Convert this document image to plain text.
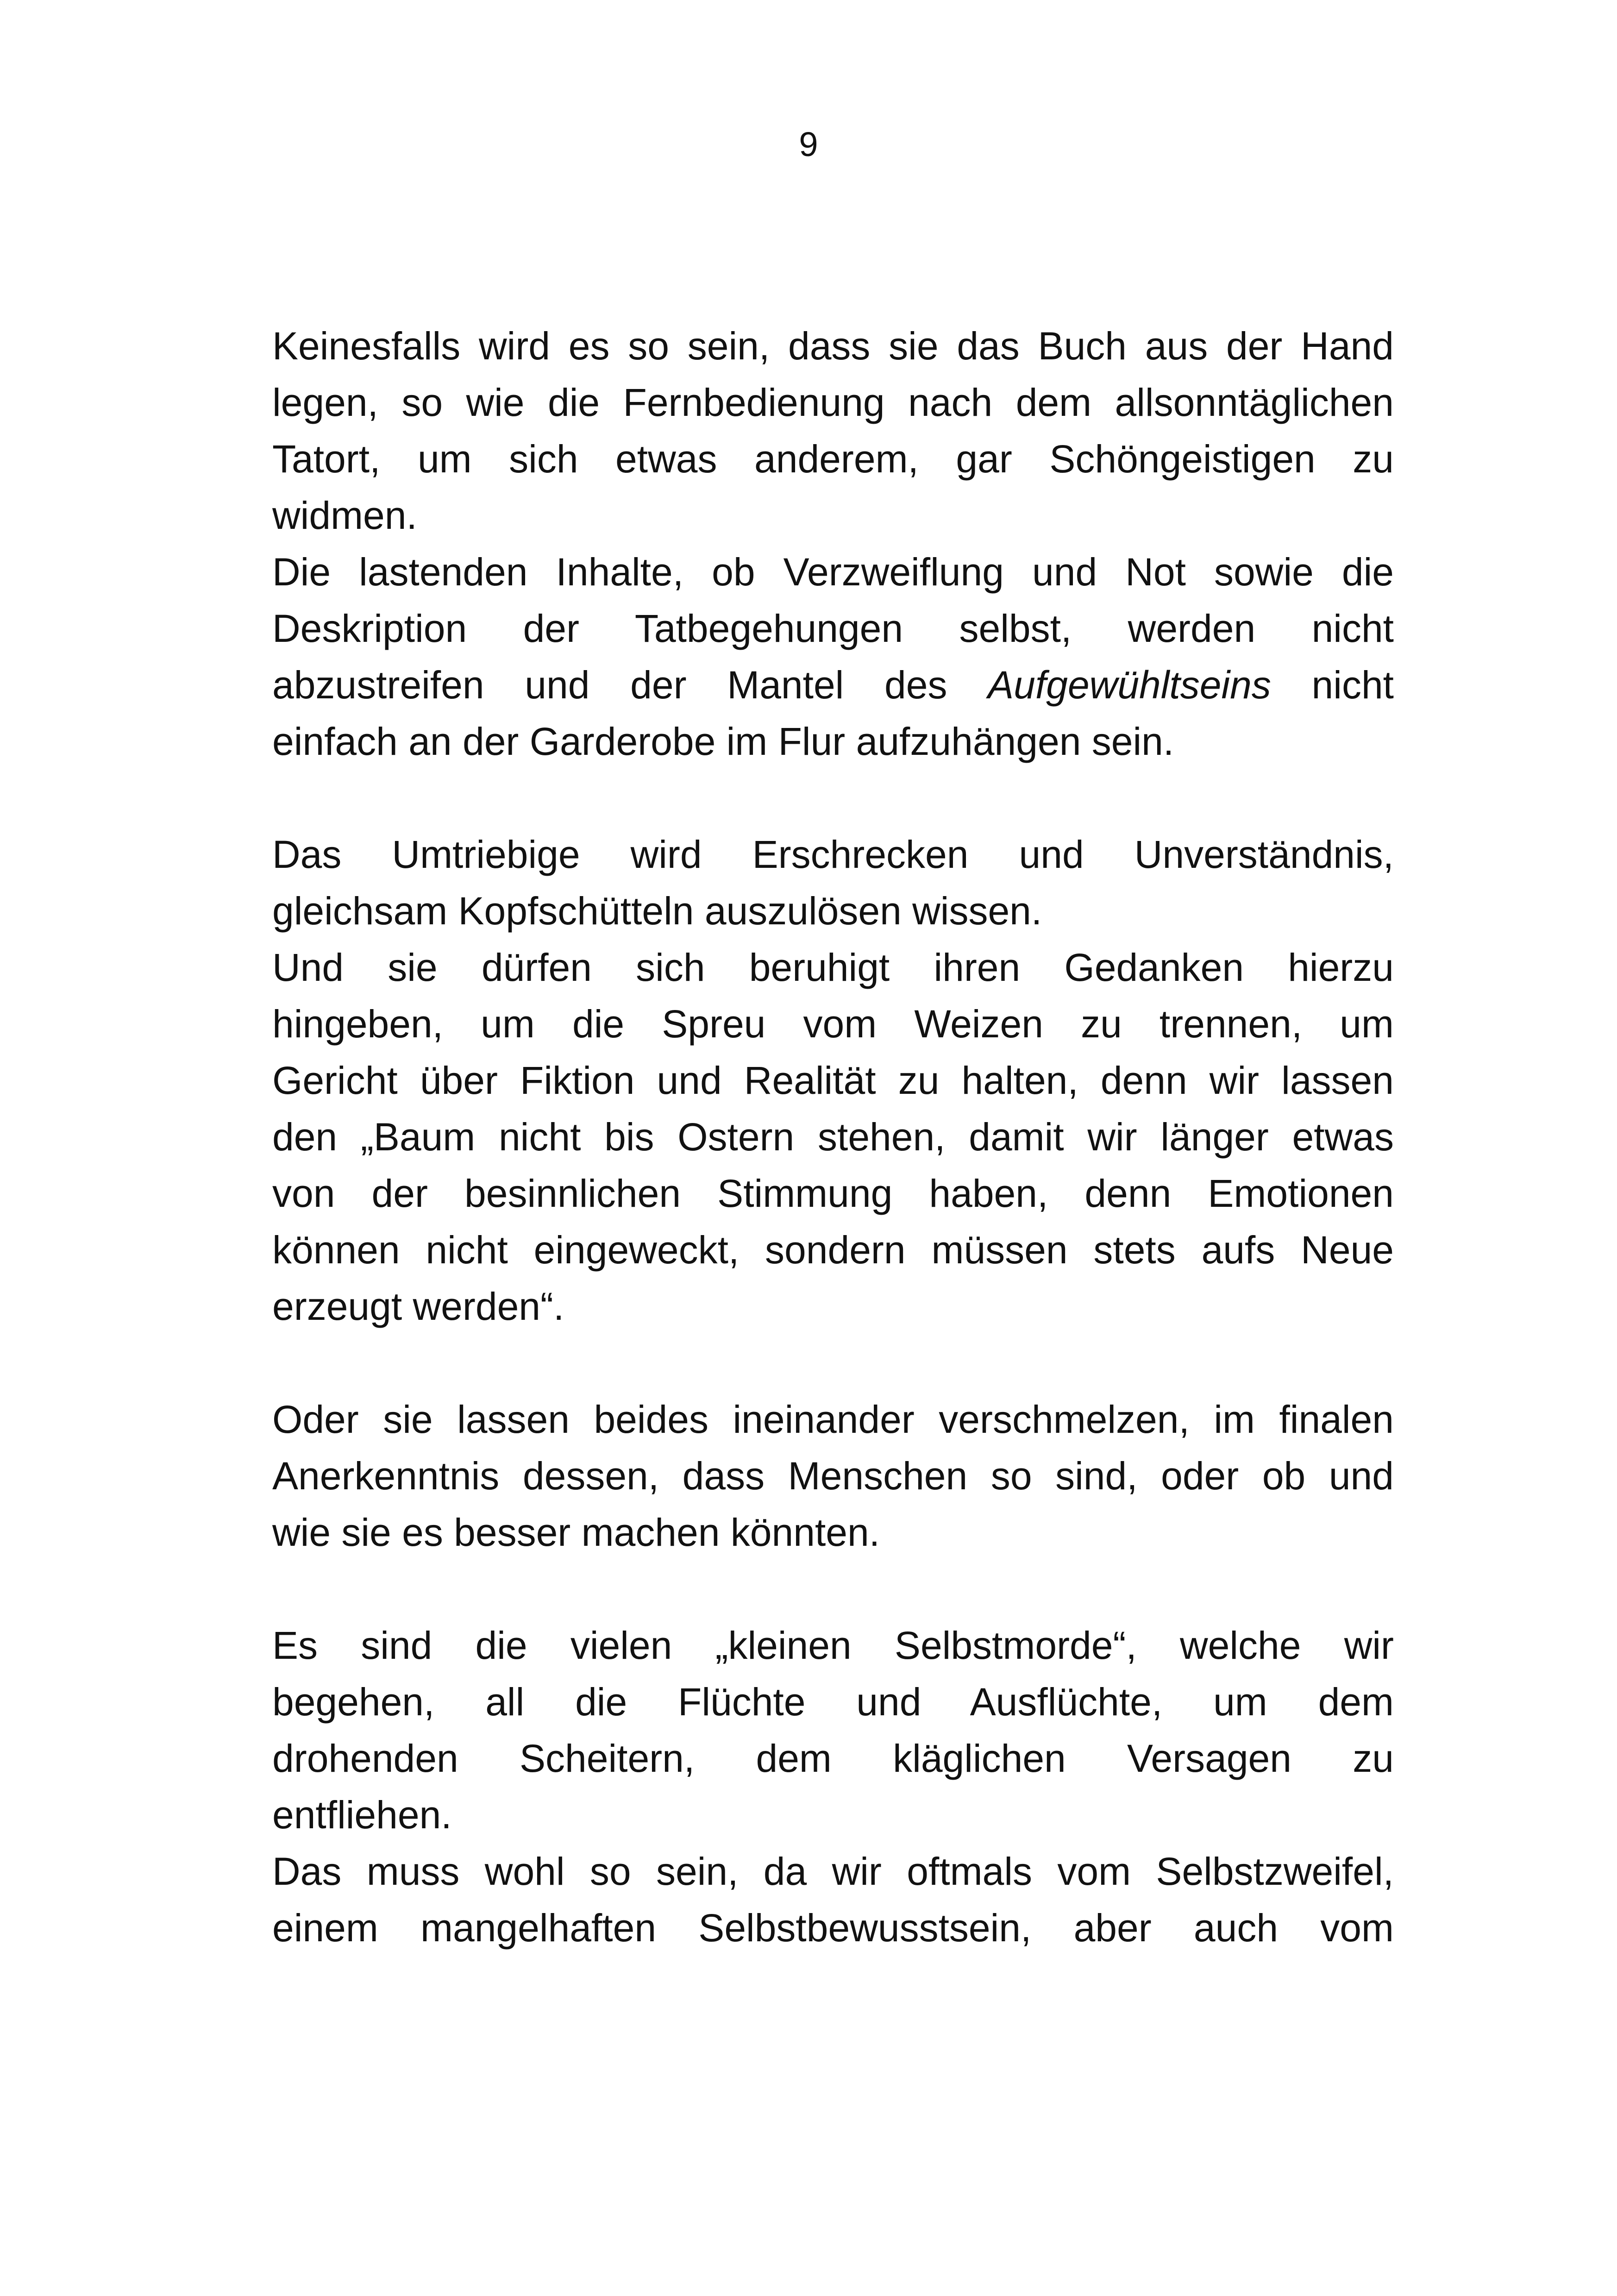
9
Keinesfalls wird es so sein, dass sie das Buch aus der Hand
legen, so wie die Fernbedienung nach dem allsonntäglichen
Tatort, um sich etwas anderem, gar Schöngeistigen zu
widmen.
Die lastenden Inhalte, ob Verzweiflung und Not sowie die
Deskription der Tatbegehungen selbst, werden nicht
abzustreifen und der Mantel des Aufgewühltseins nicht
einfach an der Garderobe im Flur aufzuhängen sein.
Das Umtriebige wird Erschrecken und Unverständnis,
gleichsam Kopfschütteln auszulösen wissen.
Und sie dürfen sich beruhigt ihren Gedanken hierzu
hingeben, um die Spreu vom Weizen zu trennen, um
Gericht über Fiktion und Realität zu halten, denn wir lassen
den „Baum nicht bis Ostern stehen, damit wir länger etwas
von der besinnlichen Stimmung haben, denn Emotionen
können nicht eingeweckt, sondern müssen stets aufs Neue
erzeugt werden“.
Oder sie lassen beides ineinander verschmelzen, im finalen
Anerkenntnis dessen, dass Menschen so sind, oder ob und
wie sie es besser machen könnten.
Es sind die vielen „kleinen Selbstmorde“, welche wir
begehen, all die Flüchte und Ausflüchte, um dem
drohenden Scheitern, dem kläglichen Versagen zu
entfliehen.
Das muss wohl so sein, da wir oftmals vom Selbstzweifel,
einem mangelhaften Selbstbewusstsein, aber auch vom
